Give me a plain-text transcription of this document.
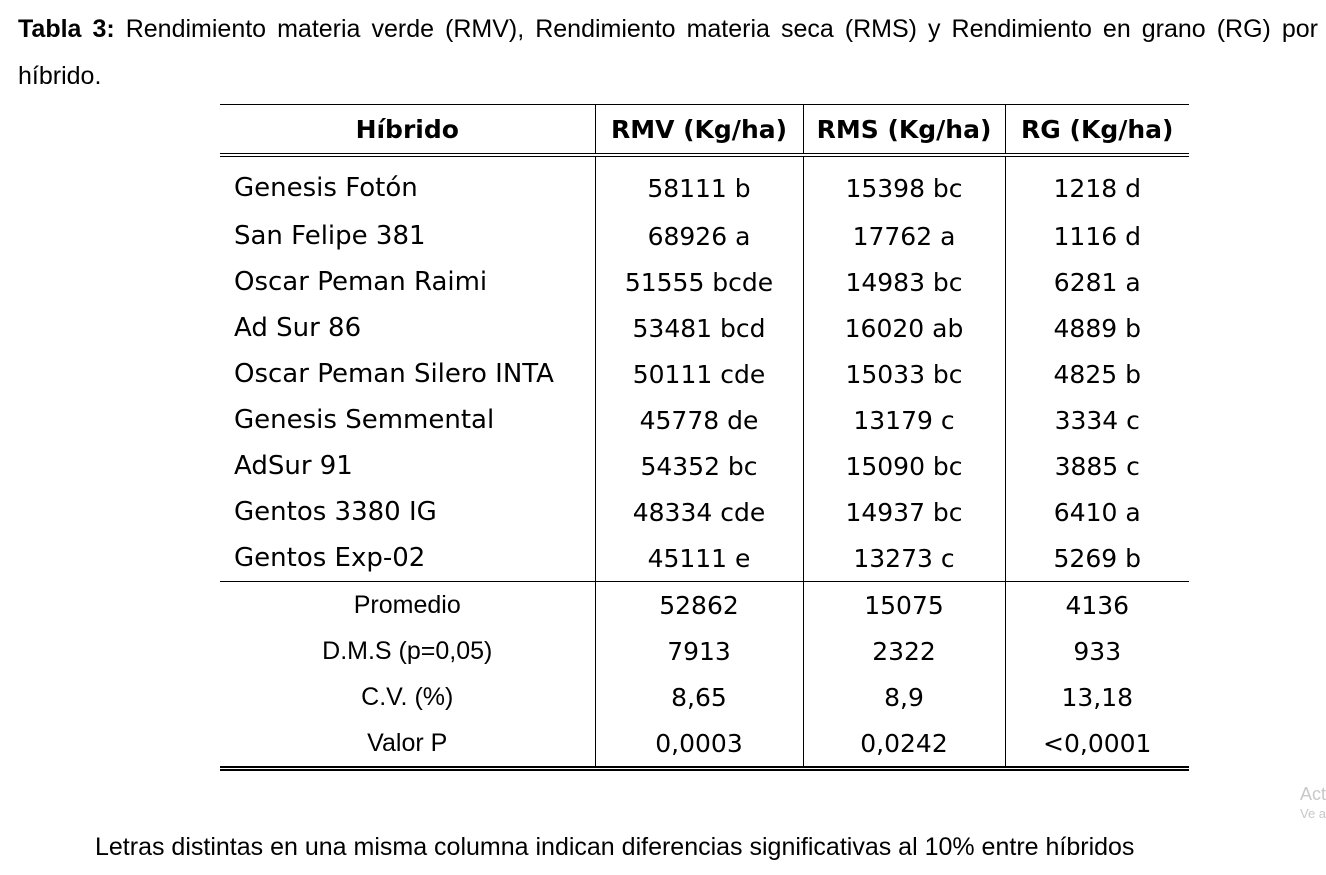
Tabla 3: Rendimiento materia verde (RMV), Rendimiento materia seca (RMS) y Rendimiento en grano (RG) por híbrido.
Híbrido	RMV (Kg/ha)	RMS (Kg/ha)	RG (Kg/ha)
Genesis Fotón	58111 b	15398 bc	1218 d
San Felipe 381	68926 a	17762 a	1116 d
Oscar Peman Raimi	51555 bcde	14983 bc	6281 a
Ad Sur 86	53481 bcd	16020 ab	4889 b
Oscar Peman Silero INTA	50111 cde	15033 bc	4825 b
Genesis Semmental	45778 de	13179 c	3334 c
AdSur 91	54352 bc	15090 bc	3885 c
Gentos 3380 IG	48334 cde	14937 bc	6410 a
Gentos Exp-02	45111 e	13273 c	5269 b
Promedio	52862	15075	4136
D.M.S (p=0,05)	7913	2322	933
C.V. (%)	8,65	8,9	13,18
Valor P	0,0003	0,0242	<0,0001
Act
Ve a
Letras distintas en una misma columna indican diferencias significativas al 10% entre híbridos
